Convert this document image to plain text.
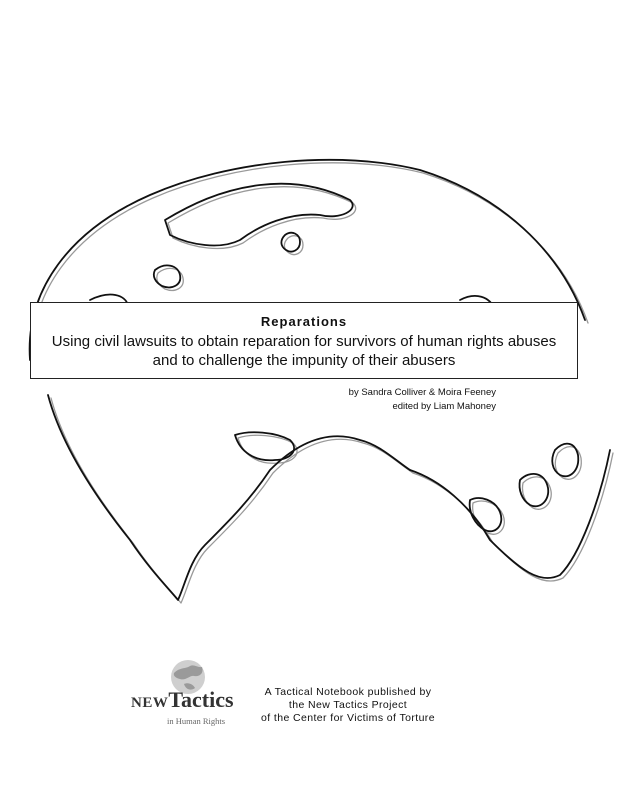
Reparations
Using civil lawsuits to obtain reparation for survivors of human rights abuses
and to challenge the impunity of their abusers
by Sandra Colliver & Moira Feeney
edited by Liam Mahoney
NEWTactics
in Human Rights
A Tactical Notebook published by
the New Tactics Project
of the Center for Victims of Torture
